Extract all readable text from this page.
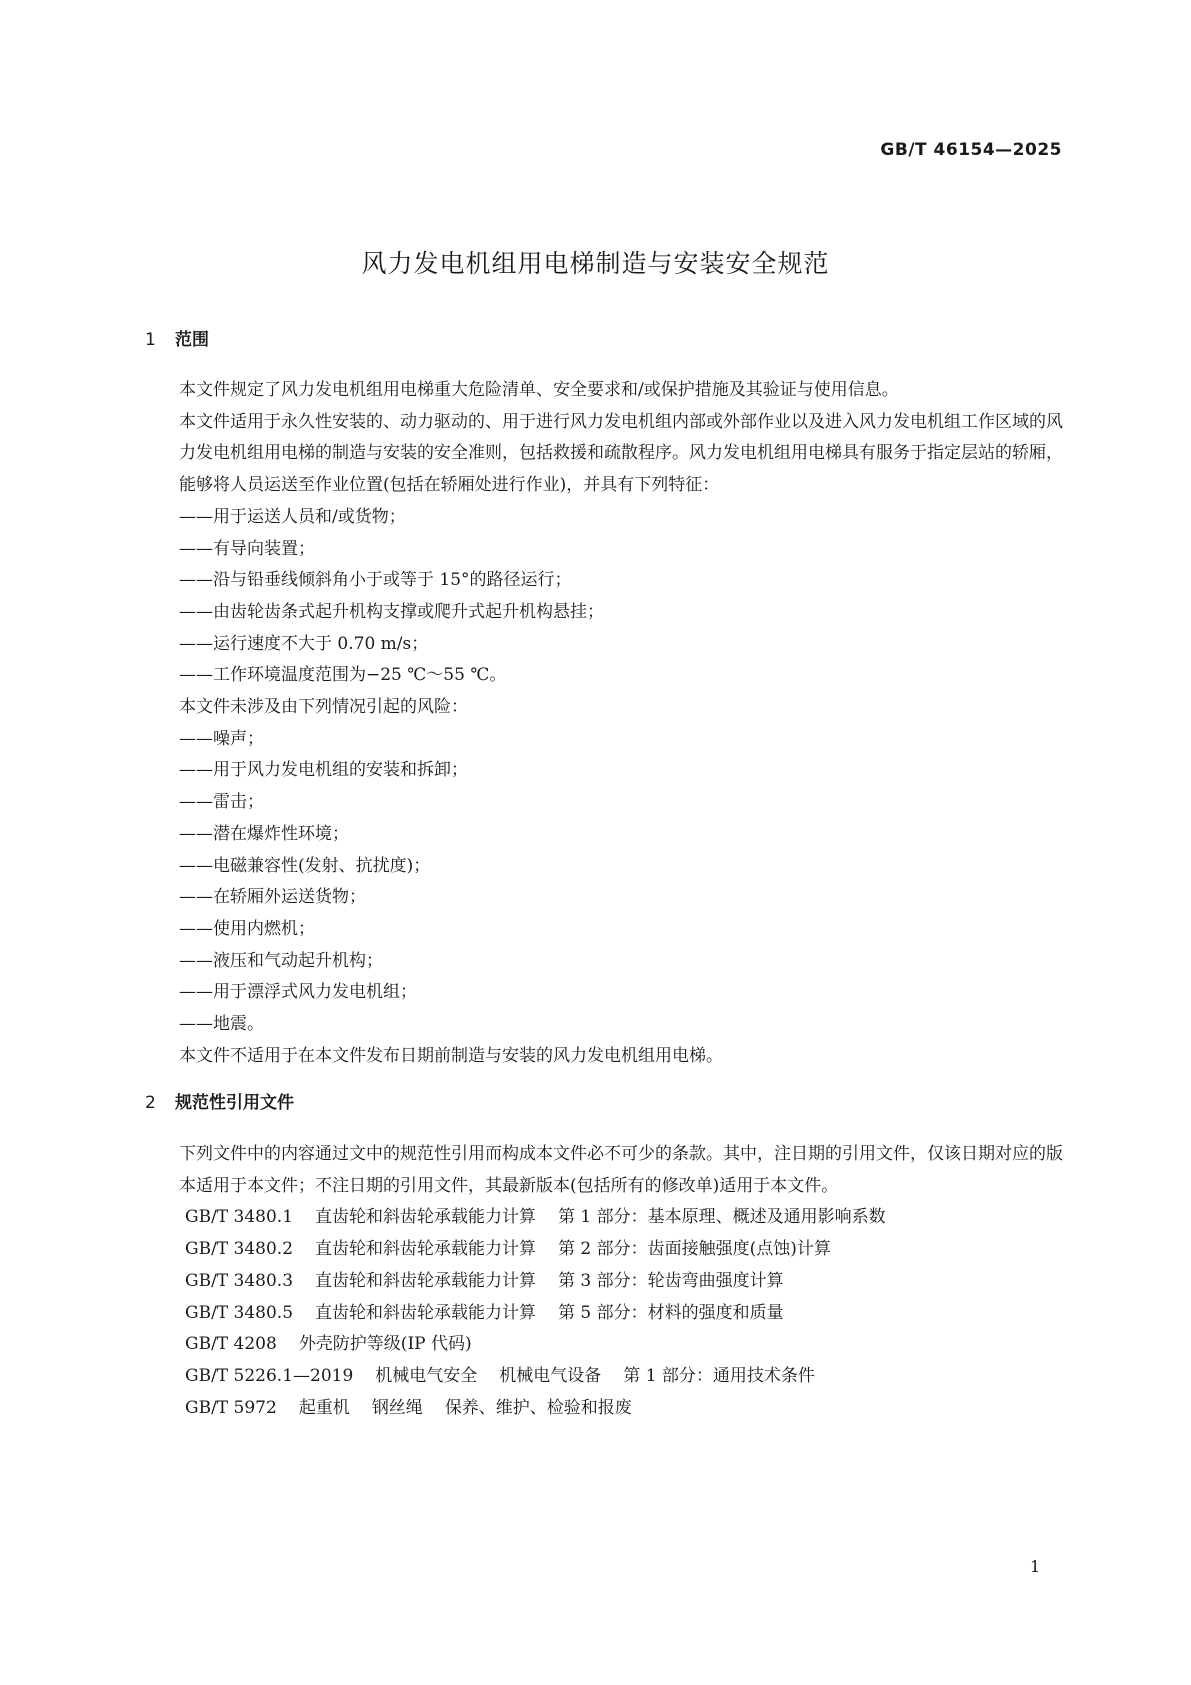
GB/T 46154—2025
风力发电机组用电梯制造与安装安全规范
1 范围
本文件规定了风力发电机组用电梯重大危险清单、安全要求和/或保护措施及其验证与使用信息。
本文件适用于永久性安装的、动力驱动的、用于进行风力发电机组内部或外部作业以及进入风力发电机组工作区域的风力发电机组用电梯的制造与安装的安全准则，包括救援和疏散程序。风力发电机组用电梯具有服务于指定层站的轿厢，能够将人员运送至作业位置(包括在轿厢处进行作业)，并具有下列特征：
——用于运送人员和/或货物；
——有导向装置；
——沿与铅垂线倾斜角小于或等于 15°的路径运行；
——由齿轮齿条式起升机构支撑或爬升式起升机构悬挂；
——运行速度不大于 0.70 m/s；
——工作环境温度范围为−25 ℃～55 ℃。
本文件未涉及由下列情况引起的风险：
——噪声；
——用于风力发电机组的安装和拆卸；
——雷击；
——潜在爆炸性环境；
——电磁兼容性(发射、抗扰度)；
——在轿厢外运送货物；
——使用内燃机；
——液压和气动起升机构；
——用于漂浮式风力发电机组；
——地震。
本文件不适用于在本文件发布日期前制造与安装的风力发电机组用电梯。
2 规范性引用文件
下列文件中的内容通过文中的规范性引用而构成本文件必不可少的条款。其中，注日期的引用文件，仅该日期对应的版本适用于本文件；不注日期的引用文件，其最新版本(包括所有的修改单)适用于本文件。
GB/T 3480.1 直齿轮和斜齿轮承载能力计算 第 1 部分：基本原理、概述及通用影响系数
GB/T 3480.2 直齿轮和斜齿轮承载能力计算 第 2 部分：齿面接触强度(点蚀)计算
GB/T 3480.3 直齿轮和斜齿轮承载能力计算 第 3 部分：轮齿弯曲强度计算
GB/T 3480.5 直齿轮和斜齿轮承载能力计算 第 5 部分：材料的强度和质量
GB/T 4208 外壳防护等级(IP 代码)
GB/T 5226.1—2019 机械电气安全 机械电气设备 第 1 部分：通用技术条件
GB/T 5972 起重机 钢丝绳 保养、维护、检验和报废
1
